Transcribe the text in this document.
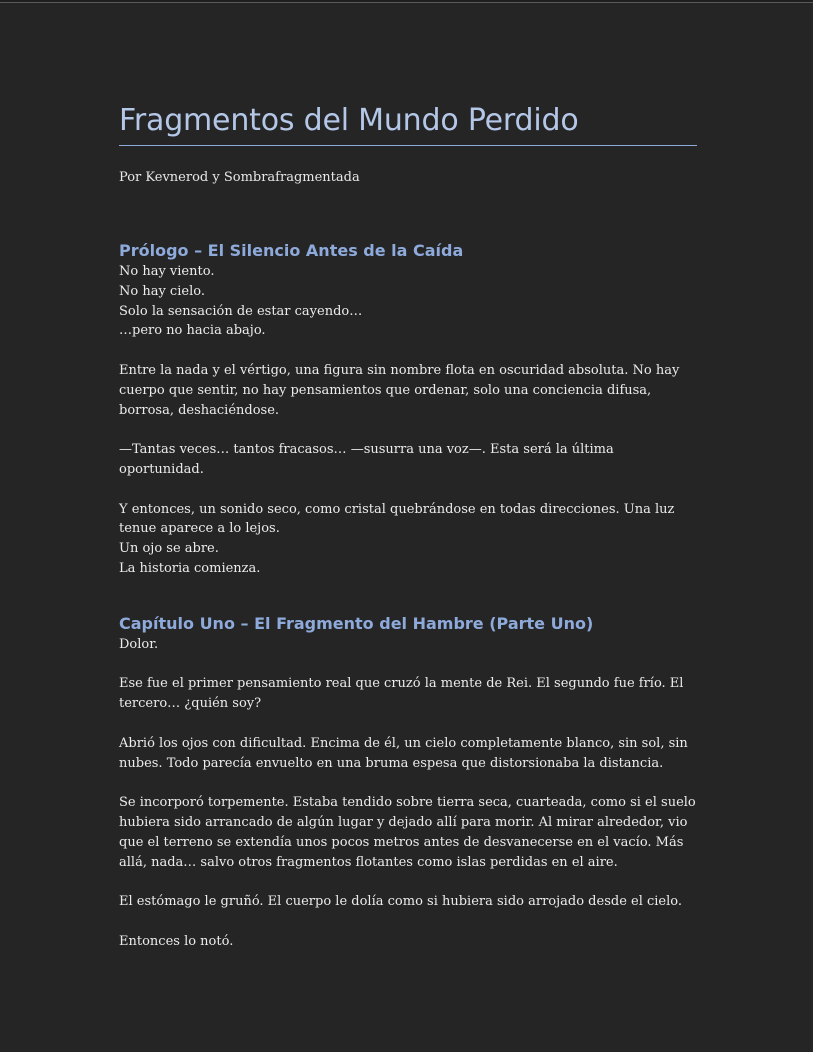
Fragmentos del Mundo Perdido

Por Kevnerod y Sombrafragmentada

Prólogo – El Silencio Antes de la Caída

No hay viento.

No hay cielo.

Solo la sensación de estar cayendo…

…pero no hacia abajo.

Entre la nada y el vértigo, una figura sin nombre flota en oscuridad absoluta. No hay cuerpo que sentir, no hay pensamientos que ordenar, solo una conciencia difusa, borrosa, deshaciéndose.

—Tantas veces… tantos fracasos… —susurra una voz—. Esta será la última oportunidad.

Y entonces, un sonido seco, como cristal quebrándose en todas direcciones. Una luz tenue aparece a lo lejos.

Un ojo se abre.

La historia comienza.

Capítulo Uno – El Fragmento del Hambre (Parte Uno)

Dolor.

Ese fue el primer pensamiento real que cruzó la mente de Rei. El segundo fue frío. El tercero… ¿quién soy?

Abrió los ojos con dificultad. Encima de él, un cielo completamente blanco, sin sol, sin nubes. Todo parecía envuelto en una bruma espesa que distorsionaba la distancia.

Se incorporó torpemente. Estaba tendido sobre tierra seca, cuarteada, como si el suelo hubiera sido arrancado de algún lugar y dejado allí para morir. Al mirar alrededor, vio que el terreno se extendía unos pocos metros antes de desvanecerse en el vacío. Más allá, nada… salvo otros fragmentos flotantes como islas perdidas en el aire.

El estómago le gruñó. El cuerpo le dolía como si hubiera sido arrojado desde el cielo.

Entonces lo notó.
